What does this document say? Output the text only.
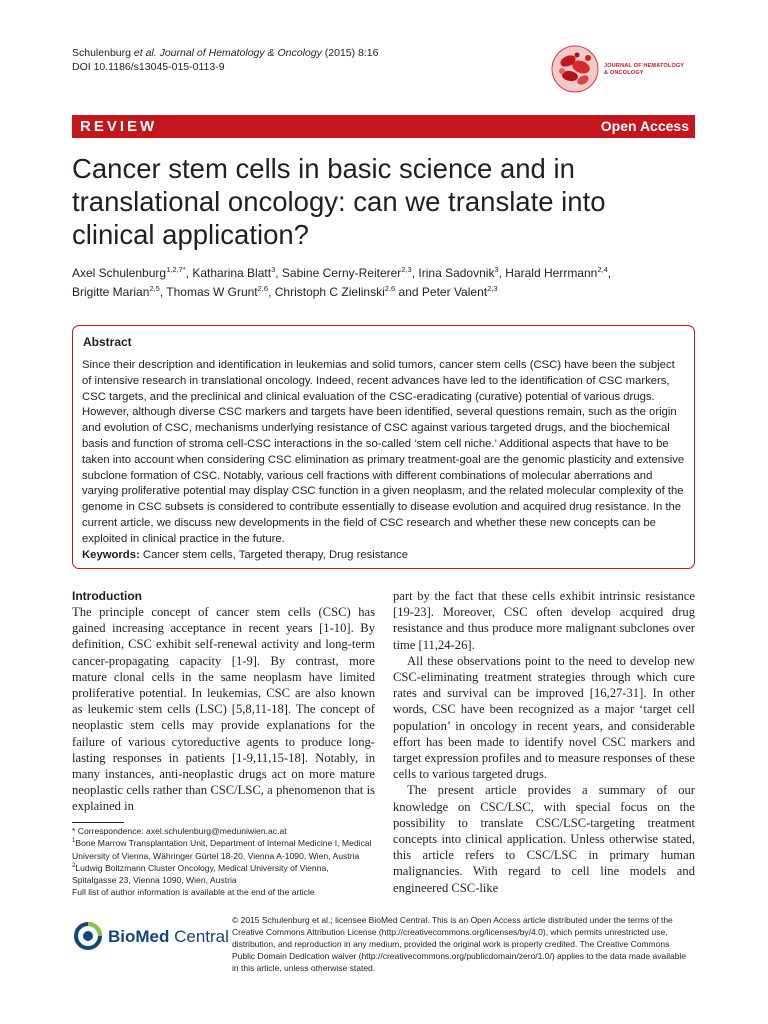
Schulenburg et al. Journal of Hematology & Oncology (2015) 8:16
DOI 10.1186/s13045-015-0113-9	JOURNAL OF HEMATOLOGY
& ONCOLOGY
REVIEW	Open Access
Cancer stem cells in basic science and in translational oncology: can we translate into clinical application?
Axel Schulenburg$^{1,2,7*}$, Katharina Blatt$^3$, Sabine Cerny-Reiterer$^{2,3}$, Irina Sadovnik$^3$, Harald Herrmann$^{2,4}$,
Brigitte Marian$^{2,5}$, Thomas W Grunt$^{2,6}$, Christoph C Zielinski$^{2,6}$ and Peter Valent$^{2,3}$
Abstract
Since their description and identification in leukemias and solid tumors, cancer stem cells (CSC) have been the subject of intensive research in translational oncology. Indeed, recent advances have led to the identification of CSC markers, CSC targets, and the preclinical and clinical evaluation of the CSC-eradicating (curative) potential of various drugs. However, although diverse CSC markers and targets have been identified, several questions remain, such as the origin and evolution of CSC, mechanisms underlying resistance of CSC against various targeted drugs, and the biochemical basis and function of stroma cell-CSC interactions in the so-called ‘stem cell niche.’ Additional aspects that have to be taken into account when considering CSC elimination as primary treatment-goal are the genomic plasticity and extensive subclone formation of CSC. Notably, various cell fractions with different combinations of molecular aberrations and varying proliferative potential may display CSC function in a given neoplasm, and the related molecular complexity of the genome in CSC subsets is considered to contribute essentially to disease evolution and acquired drug resistance. In the current article, we discuss new developments in the field of CSC research and whether these new concepts can be exploited in clinical practice in the future.
Keywords: Cancer stem cells, Targeted therapy, Drug resistance
Introduction
The principle concept of cancer stem cells (CSC) has gained increasing acceptance in recent years [1-10]. By definition, CSC exhibit self-renewal activity and long-term cancer-propagating capacity [1-9]. By contrast, more mature clonal cells in the same neoplasm have limited proliferative potential. In leukemias, CSC are also known as leukemic stem cells (LSC) [5,8,11-18]. The concept of neoplastic stem cells may provide explanations for the failure of various cytoreductive agents to produce long-lasting responses in patients [1-9,11,15-18]. Notably, in many instances, anti-neoplastic drugs act on more mature neoplastic cells rather than CSC/LSC, a phenomenon that is explained in
part by the fact that these cells exhibit intrinsic resistance [19-23]. Moreover, CSC often develop acquired drug resistance and thus produce more malignant subclones over time [11,24-26].
All these observations point to the need to develop new CSC-eliminating treatment strategies through which cure rates and survival can be improved [16,27-31]. In other words, CSC have been recognized as a major ‘target cell population’ in oncology in recent years, and considerable effort has been made to identify novel CSC markers and target expression profiles and to measure responses of these cells to various targeted drugs.
The present article provides a summary of our knowledge on CSC/LSC, with special focus on the possibility to translate CSC/LSC-targeting treatment concepts into clinical application. Unless otherwise stated, this article refers to CSC/LSC in primary human malignancies. With regard to cell line models and engineered CSC-like
* Correspondence: axel.schulenburg@meduniwien.ac.at
$^1$Bone Marrow Transplantation Unit, Department of Internal Medicine I, Medical University of Vienna, Währinger Gürtel 18-20, Vienna A-1090, Wien, Austria
$^2$Ludwig Boltzmann Cluster Oncology, Medical University of Vienna, Spitalgasse 23, Vienna 1090, Wien, Austria
Full list of author information is available at the end of the article
BioMed Central
© 2015 Schulenburg et al.; licensee BioMed Central. This is an Open Access article distributed under the terms of the Creative Commons Attribution License (http://creativecommons.org/licenses/by/4.0), which permits unrestricted use, distribution, and reproduction in any medium, provided the original work is properly credited. The Creative Commons Public Domain Dedication waiver (http://creativecommons.org/publicdomain/zero/1.0/) applies to the data made available in this article, unless otherwise stated.
